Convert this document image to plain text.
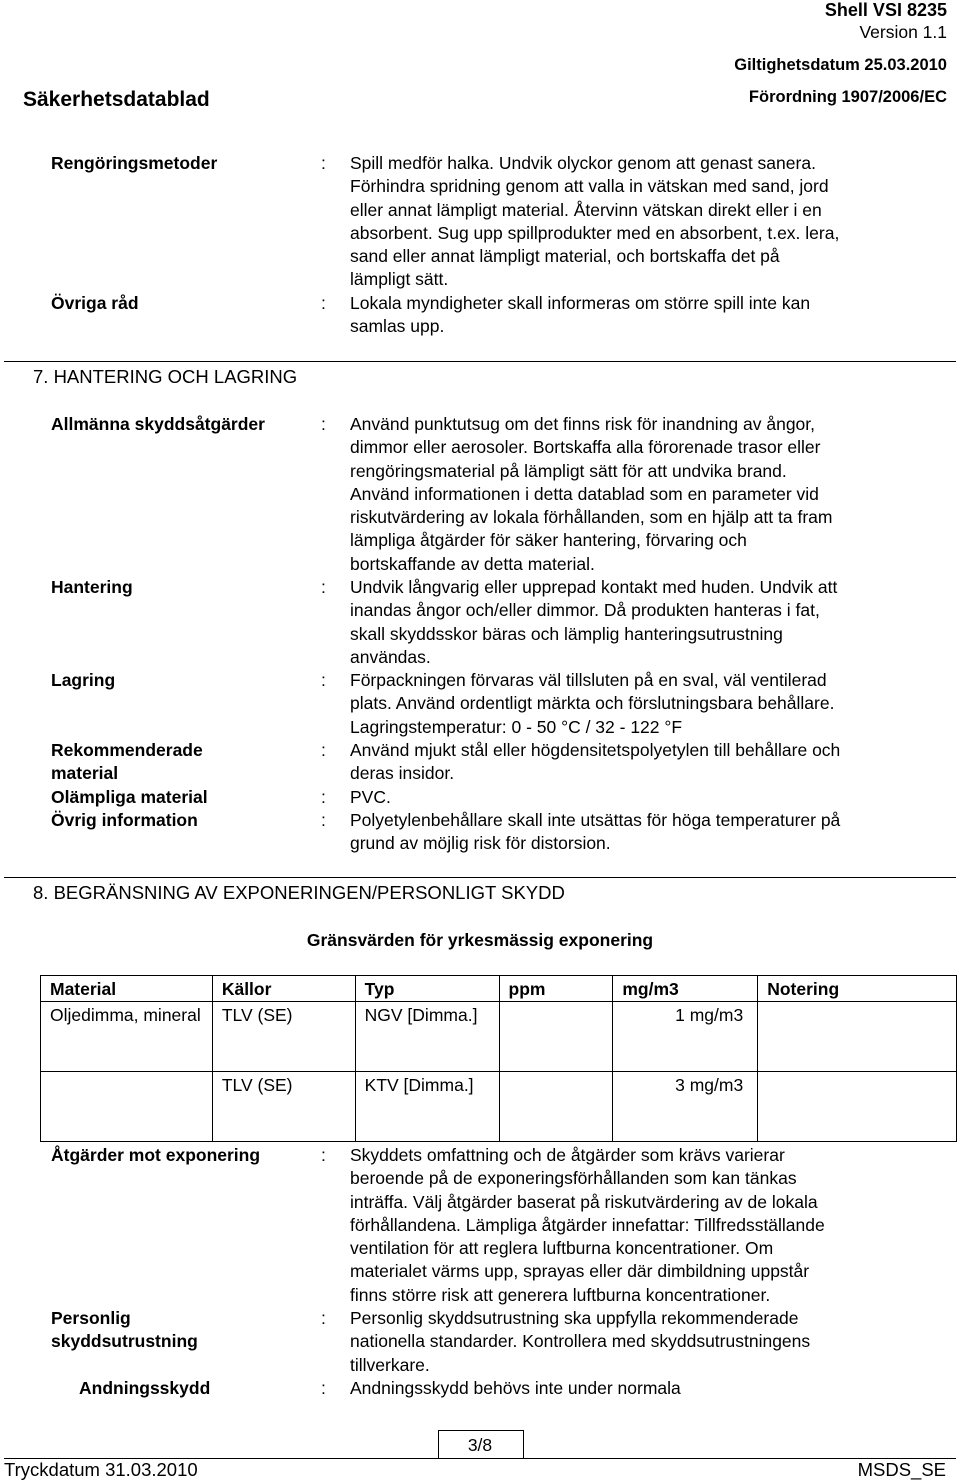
Shell VSI 8235
Version 1.1
Giltighetsdatum 25.03.2010
Säkerhetsdatablad	Förordning 1907/2006/EC
Rengöringsmetoder	: Spill medför halka. Undvik olyckor genom att genast sanera.
Förhindra spridning genom att valla in vätskan med sand, jord
eller annat lämpligt material. Återvinn vätskan direkt eller i en
absorbent. Sug upp spillprodukter med en absorbent, t.ex. lera,
sand eller annat lämpligt material, och bortskaffa det på
lämpligt sätt.
Övriga råd	: Lokala myndigheter skall informeras om större spill inte kan
samlas upp.
7. HANTERING OCH LAGRING
Allmänna skyddsåtgärder	: Använd punktutsug om det finns risk för inandning av ångor,
dimmor eller aerosoler. Bortskaffa alla förorenade trasor eller
rengöringsmaterial på lämpligt sätt för att undvika brand.
Använd informationen i detta datablad som en parameter vid
riskutvärdering av lokala förhållanden, som en hjälp att ta fram
lämpliga åtgärder för säker hantering, förvaring och
bortskaffande av detta material.
Hantering	: Undvik långvarig eller upprepad kontakt med huden. Undvik att
inandas ångor och/eller dimmor. Då produkten hanteras i fat,
skall skyddsskor bäras och lämplig hanteringsutrustning
användas.
Lagring	: Förpackningen förvaras väl tillsluten på en sval, väl ventilerad
plats. Använd ordentligt märkta och förslutningsbara behållare.
Lagringstemperatur: 0 - 50 °C / 32 - 122 °F
Rekommenderade
material
: Använd mjukt stål eller högdensitetspolyetylen till behållare och
deras insidor.
Olämpliga material	: PVC.
Övrig information	: Polyetylenbehållare skall inte utsättas för höga temperaturer på
grund av möjlig risk för distorsion.
8. BEGRÄNSNING AV EXPONERINGEN/PERSONLIGT SKYDD
Gränsvärden för yrkesmässig exponering
Material	Källor	Typ	ppm	mg/m3	Notering
Oljedimma, mineral	TLV (SE)	NGV [Dimma.]		1 mg/m3	
	TLV (SE)	KTV [Dimma.]		3 mg/m3	
Åtgärder mot exponering	: Skyddets omfattning och de åtgärder som krävs varierar
beroende på de exponeringsförhållanden som kan tänkas
inträffa. Välj åtgärder baserat på riskutvärdering av de lokala
förhållandena. Lämpliga åtgärder innefattar: Tillfredsställande
ventilation för att reglera luftburna koncentrationer. Om
materialet värms upp, sprayas eller där dimbildning uppstår
finns större risk att generera luftburna koncentrationer.
Personlig
skyddsutrustning
: Personlig skyddsutrustning ska uppfylla rekommenderade
nationella standarder. Kontrollera med skyddsutrustningens
tillverkare.
Andningsskydd	: Andningsskydd behövs inte under normala
3/8
Tryckdatum 31.03.2010	MSDS_SE
